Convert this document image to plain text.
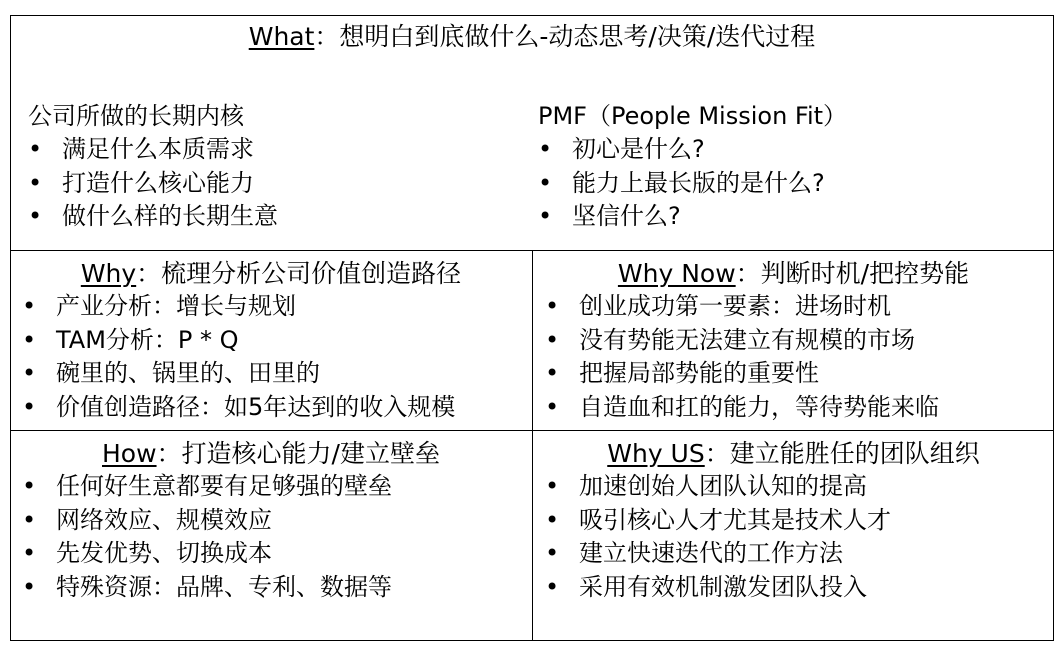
What：想明白到底做什么-动态思考/决策/迭代过程
公司所做的长期内核
• 满足什么本质需求
• 打造什么核心能力
• 做什么样的长期生意
PMF（People Mission Fit）
• 初心是什么?
• 能力上最长版的是什么?
• 坚信什么?
Why：梳理分析公司价值创造路径
• 产业分析：增长与规划
• TAM分析：P * Q
• 碗里的、锅里的、田里的
• 价值创造路径：如5年达到的收入规模
Why Now：判断时机/把控势能
• 创业成功第一要素：进场时机
• 没有势能无法建立有规模的市场
• 把握局部势能的重要性
• 自造血和扛的能力，等待势能来临
How：打造核心能力/建立壁垒
• 任何好生意都要有足够强的壁垒
• 网络效应、规模效应
• 先发优势、切换成本
• 特殊资源：品牌、专利、数据等
Why US：建立能胜任的团队组织
• 加速创始人团队认知的提高
• 吸引核心人才尤其是技术人才
• 建立快速迭代的工作方法
• 采用有效机制激发团队投入
